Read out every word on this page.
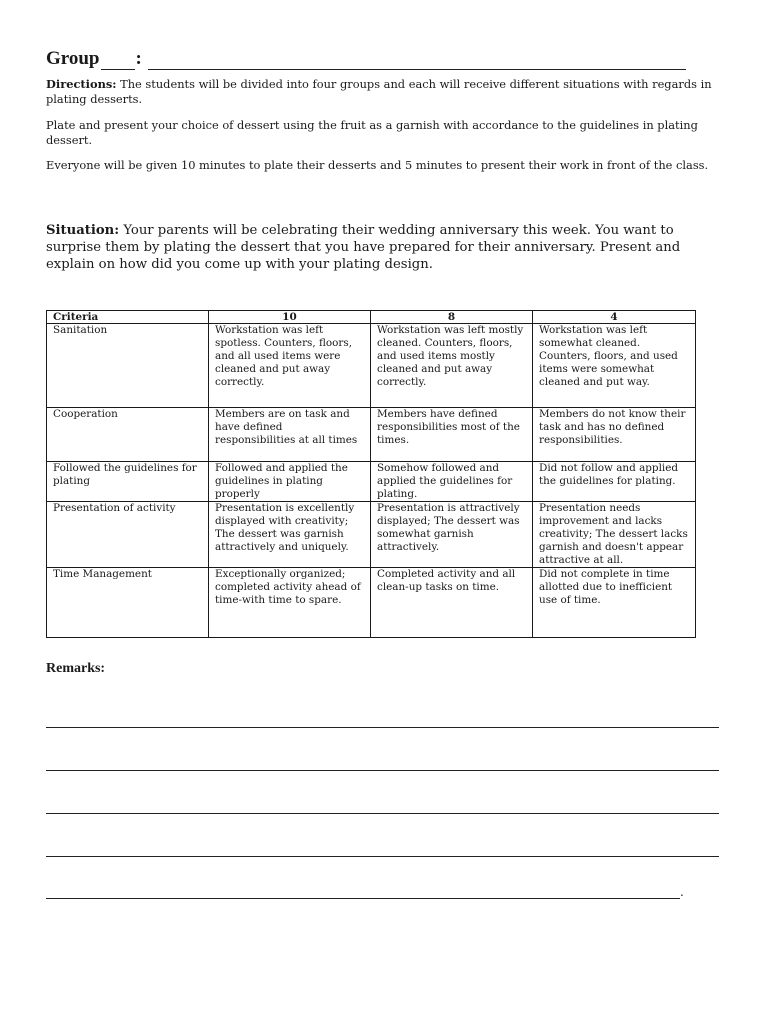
Group :

Directions: The students will be divided into four groups and each will receive different situations with regards in plating desserts.

Plate and present your choice of dessert using the fruit as a garnish with accordance to the guidelines in plating dessert.

Everyone will be given 10 minutes to plate their desserts and 5 minutes to present their work in front of the class.

Situation: Your parents will be celebrating their wedding anniversary this week. You want to surprise them by plating the dessert that you have prepared for their anniversary. Present and explain on how did you come up with your plating design.

Criteria	10	8	4
Sanitation	Workstation was left spotless. Counters, floors, and all used items were cleaned and put away correctly.	Workstation was left mostly cleaned. Counters, floors, and used items mostly cleaned and put away correctly.	Workstation was left somewhat cleaned. Counters, floors, and used items were somewhat cleaned and put way.
Cooperation	Members are on task and have defined responsibilities at all times	Members have defined responsibilities most of the times.	Members do not know their task and has no defined responsibilities.
Followed the guidelines for plating	Followed and applied the guidelines in plating properly	Somehow followed and applied the guidelines for plating.	Did not follow and applied the guidelines for plating.
Presentation of activity	Presentation is excellently displayed with creativity; The dessert was garnish attractively and uniquely.	Presentation is attractively displayed; The dessert was somewhat garnish attractively.	Presentation needs improvement and lacks creativity; The dessert lacks garnish and doesn't appear attractive at all.
Time Management	Exceptionally organized; completed activity ahead of time-with time to spare.	Completed activity and all clean-up tasks on time.	Did not complete in time allotted due to inefficient use of time.
Remarks:
.
